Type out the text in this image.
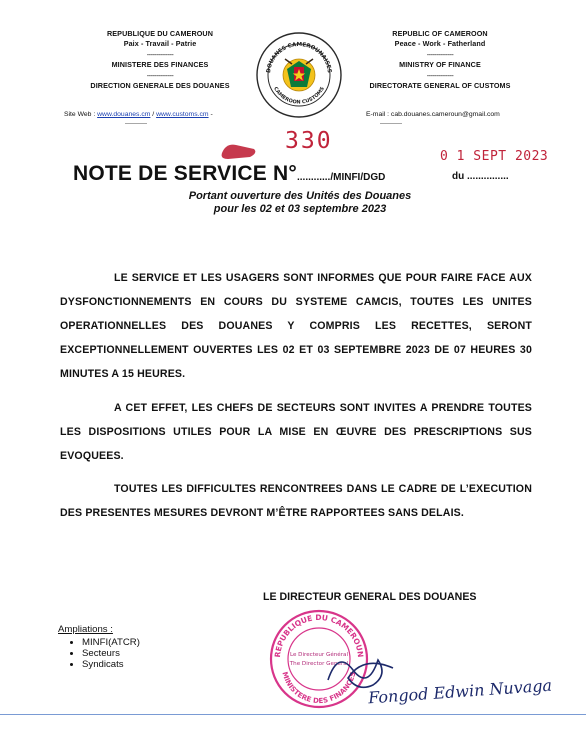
REPUBLIQUE DU CAMEROUN
Paix - Travail - Patrie
--------------
MINISTERE DES FINANCES
--------------
DIRECTION GENERALE DES DOUANES
DOUANES CAMEROUNAISES
CAMEROON CUSTOMS
REPUBLIC OF CAMEROON
Peace - Work - Fatherland
--------------
MINISTRY OF FINANCE
--------------
DIRECTORATE GENERAL OF CUSTOMS
Site Web : www.douanes.cm / www.customs.cm -
-----------
E-mail : cab.douanes.cameroun@gmail.com
-----------
330
NOTE DE SERVICE N°............/MINFI/DGD
0 1 SEPT 2023
du ...............
Portant ouverture des Unités des Douanes
pour les 02 et 03 septembre 2023
LE SERVICE ET LES USAGERS SONT INFORMES QUE POUR FAIRE FACE AUX DYSFONCTIONNEMENTS EN COURS DU SYSTEME CAMCIS, TOUTES LES UNITES OPERATIONNELLES DES DOUANES Y COMPRIS LES RECETTES, SERONT EXCEPTIONNELLEMENT OUVERTES LES 02 ET 03 SEPTEMBRE 2023 DE 07 HEURES 30 MINUTES A 15 HEURES.
A CET EFFET, LES CHEFS DE SECTEURS SONT INVITES A PRENDRE TOUTES LES DISPOSITIONS UTILES POUR LA MISE EN ŒUVRE DES PRESCRIPTIONS SUS EVOQUEES.
TOUTES LES DIFFICULTES RENCONTREES DANS LE CADRE DE L’EXECUTION DES PRESENTES MESURES DEVRONT M’ÊTRE RAPPORTEES SANS DELAIS.
LE DIRECTEUR GENERAL DES DOUANES
REPUBLIQUE DU CAMEROUN
MINISTERE DES FINANCES
Le Directeur Général
The Director General
Fongod Edwin Nuvaga
Ampliations :
• MINFI(ATCR)
• Secteurs
• Syndicats
